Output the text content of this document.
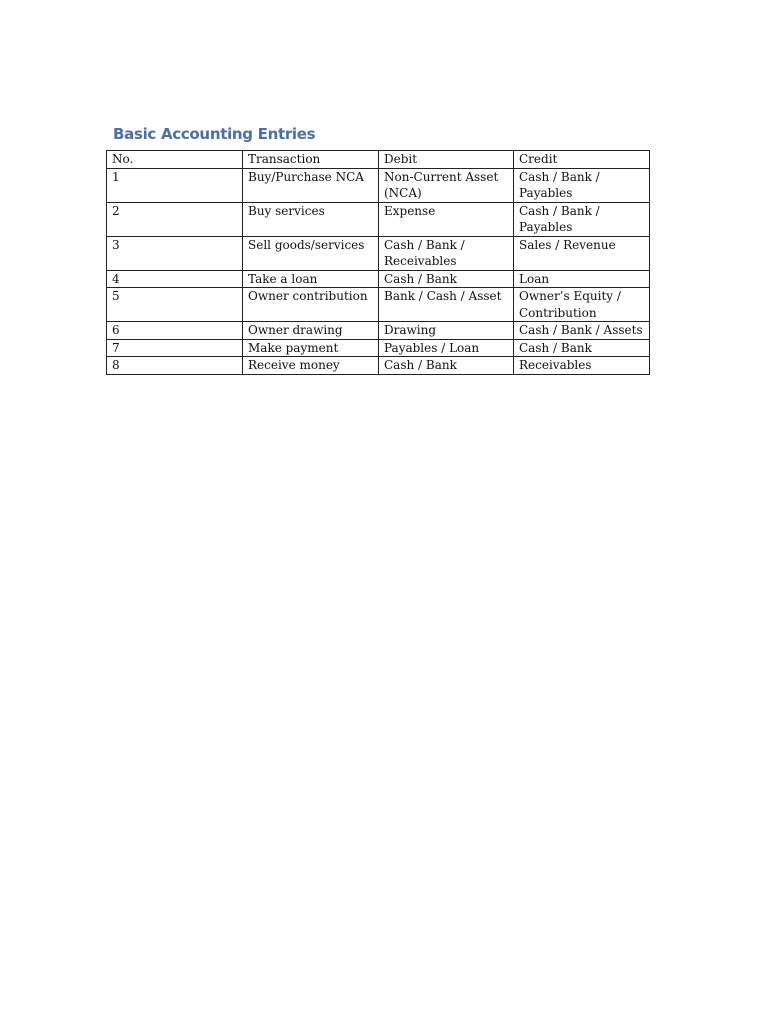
Basic Accounting Entries
No.	Transaction	Debit	Credit
1	Buy/Purchase NCA	Non-Current Asset (NCA)	Cash / Bank / Payables
2	Buy services	Expense	Cash / Bank / Payables
3	Sell goods/services	Cash / Bank / Receivables	Sales / Revenue
4	Take a loan	Cash / Bank	Loan
5	Owner contribution	Bank / Cash / Asset	Owner’s Equity / Contribution
6	Owner drawing	Drawing	Cash / Bank / Assets
7	Make payment	Payables / Loan	Cash / Bank
8	Receive money	Cash / Bank	Receivables
